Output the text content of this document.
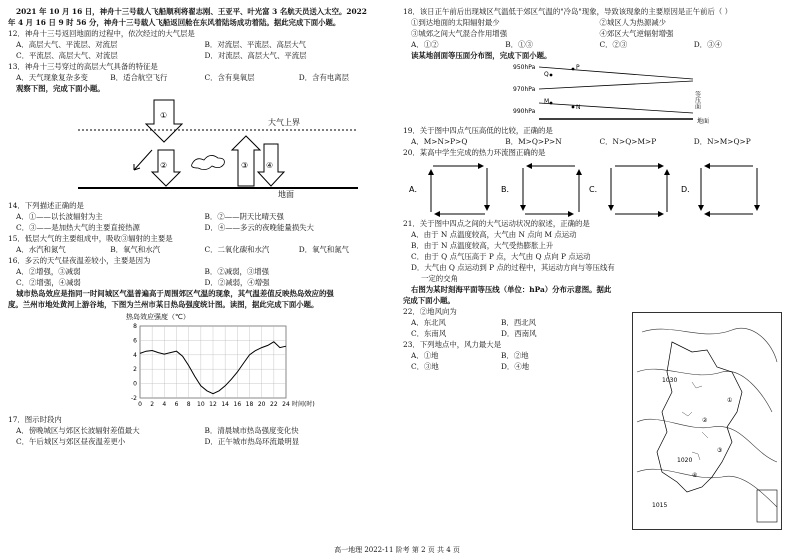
2021 年 10 月 16 日，神舟十三号载人飞船顺利将翟志刚、王亚平、叶光富 3 名航天员送入太空。2022

年 4 月 16 日 9 时 56 分，神舟十三号载人飞船返回舱在东风着陆场成功着陆。据此完成下面小题。

12．神舟十三号返回地面的过程中，依次经过的大气层是

A．高层大气、平流层、对流层	B．对流层、平流层、高层大气
C．平流层、高层大气、对流层	D．对流层、高层大气、平流层

13．神舟十三号穿过的高层大气具备的特征是

A．天气现象复杂多变	B．适合航空飞行	C．含有臭氧层	D．含有电离层

观察下图，完成下面小题。

大气上界
地面
①
②	③ ④

14．下列描述正确的是

A．①——以长波辐射为主	B．②——阴天比晴天强
C．③——是加热大气的主要直接热源	D．④——多云的夜晚能量损失大

15．低层大气的主要组成中，吸收③辐射的主要是

A．水汽和氮气	B．氧气和水汽	C．二氧化碳和水汽	D．氧气和氮气

16．多云的天气昼夜温差较小，主要是因为

A．②增强，③减弱	B．②减弱，③增强
C．②增强，④减弱	D．②减弱，④增强

城市热岛效应是指同一时间城区气温普遍高于周围郊区气温的现象，其气温差值反映热岛效应的强

度。兰州市地处黄河上游谷地，下图为兰州市某日热岛强度统计图。读图，据此完成下面小题。

热岛效应强度（℃）
-2
0
2
4
6
8
0 2 4 6 8 10 12 14 16 18 20 22 24 时间(时)

17．图示时段内

A．傍晚城区与郊区长波辐射差值最大	B．清晨城市热岛强度变化快
C．午后城区与郊区昼夜温差更小	D．正午城市热岛环流最明显

18．该日正午前后出现城区气温低于郊区气温的"冷岛"现象，导致该现象的主要原因是正午前后（ ）

①到达地面的太阳辐射最少	②城区人为热源减少
③城郊之间大气混合作用增强	④郊区大气逆辐射增强
A．①②	B．①③	C．②③	D．③④

读某地剖面等压面分布图，完成下面小题。

950hPa
970hPa
990hPa
P
Q
M
N	等压面
地面

19．关于图中四点气压高低的比较，正确的是

A．M>N>P>Q	B．M>Q>P>N	C．N>Q>M>P	D．N>M>Q>P

20．某高中学生完成的热力环流图正确的是

A．	B．	C．	D．

21．关于图中四点之间的大气运动状况的叙述，正确的是

A．由于 N 点温度较高，大气由 N 点向 M 点运动

B．由于 N 点温度较高，大气受热膨胀上升

C．由于 Q 点气压高于 P 点，大气由 Q 点向 P 点运动

D．大气由 Q 点运动到 P 点的过程中，其运动方向与等压线有

一定的交角

右图为某时刻海平面等压线（单位：hPa）分布示意图。据此

完成下面小题。

22．②地风向为

A．东北风	B．西北风
C．东南风	D．西南风

23．下列地点中，风力最大是

A．①地	B．②地
C．③地	D．④地
1030
1020
1015
①
②
③
④
高一地理 2022-11 阶考 第 2 页 共 4 页
